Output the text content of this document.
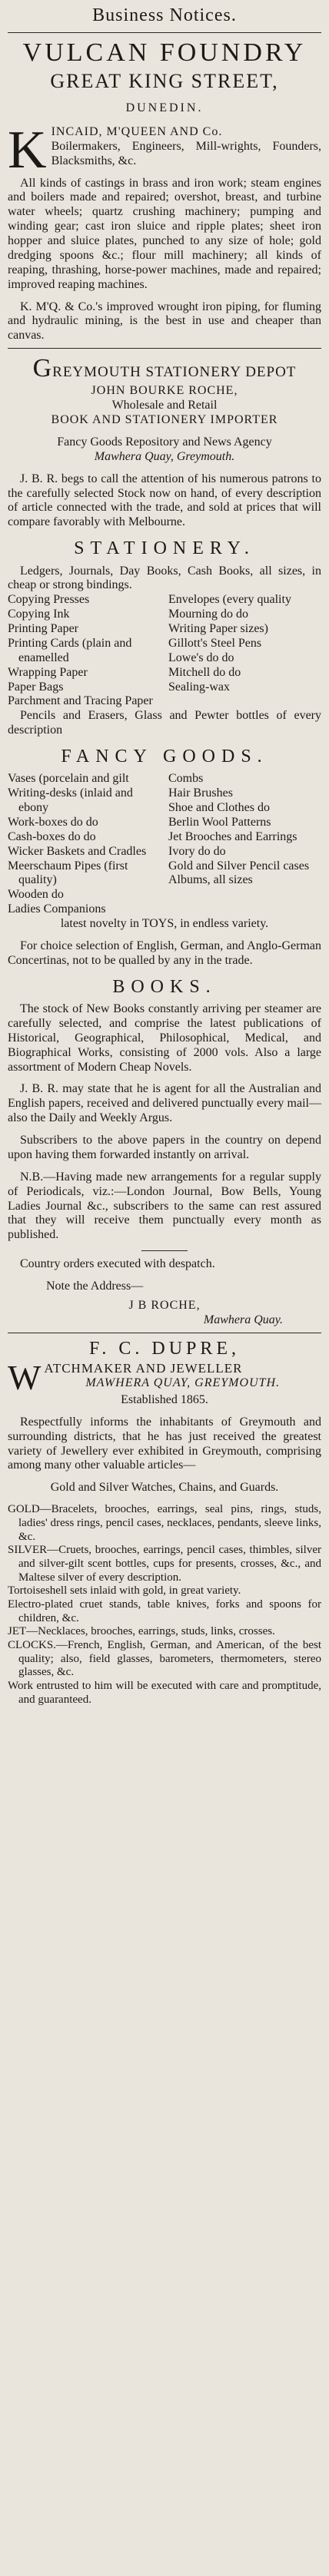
Business Notices.
VULCAN FOUNDRY
GREAT KING STREET,
DUNEDIN.
K INCAID, M'QUEEN AND Co.
Boilermakers, Engineers, Mill-wrights, Founders, Blacksmiths, &c.

All kinds of castings in brass and iron work; steam engines and boilers made and repaired; overshot, breast, and turbine water wheels; quartz crushing machinery; pumping and winding gear; cast iron sluice and ripple plates; sheet iron hopper and sluice plates, punched to any size of hole; gold dredging spoons &c.; flour mill machinery; all kinds of reaping, thrashing, horse-power machines, made and repaired; improved reaping machines.

K. M'Q. & Co.'s improved wrought iron piping, for fluming and hydraulic mining, is the best in use and cheaper than canvas.

GREYMOUTH STATIONERY DEPOT
JOHN BOURKE ROCHE,
Wholesale and Retail
BOOK AND STATIONERY IMPORTER
Fancy Goods Repository and News Agency
Mawhera Quay, Greymouth.

J. B. R. begs to call the attention of his numerous patrons to the carefully selected Stock now on hand, of every description of article connected with the trade, and sold at prices that will compare favorably with Melbourne.

STATIONERY.

Ledgers, Journals, Day Books, Cash Books, all sizes, in cheap or strong bindings.

Copying Presses
Copying Ink
Printing Paper
Printing Cards (plain and enamelled
Wrapping Paper
Paper Bags
Parchment and Tracing Paper
Envelopes (every quality
Mourning do do
Writing Paper sizes)
Gillott's Steel Pens
Lowe's do do
Mitchell do do
Sealing-wax

Pencils and Erasers, Glass and Pewter bottles of every description

FANCY GOODS.
Vases (porcelain and gilt
Writing-desks (inlaid and ebony
Work-boxes do do
Cash-boxes do do
Wicker Baskets and Cradles
Meerschaum Pipes (first quality)
Wooden do
Ladies Companions
Combs
Hair Brushes
Shoe and Clothes do
Berlin Wool Patterns
Jet Brooches and Earrings
Ivory do do
Gold and Silver Pencil cases
Albums, all sizes

latest novelty in TOYS, in endless variety.

For choice selection of English, German, and Anglo-German Concertinas, not to be qualled by any in the trade.

BOOKS.

The stock of New Books constantly arriving per steamer are carefully selected, and comprise the latest publications of Historical, Geographical, Philosophical, Medical, and Biographical Works, consisting of 2000 vols. Also a large assortment of Modern Cheap Novels.

J. B. R. may state that he is agent for all the Australian and English papers, received and delivered punctually every mail—also the Daily and Weekly Argus.

Subscribers to the above papers in the country on depend upon having them forwarded instantly on arrival.

N.B.—Having made new arrangements for a regular supply of Periodicals, viz.:—London Journal, Bow Bells, Young Ladies Journal &c., subscribers to the same can rest assured that they will receive them punctually every month as published.

Country orders executed with despatch.

Note the Address—

J B ROCHE,

Mawhera Quay.

F. C. DUPRE,
W ATCHMAKER AND JEWELLER
MAWHERA QUAY, GREYMOUTH.
Established 1865.

Respectfully informs the inhabitants of Greymouth and surrounding districts, that he has just received the greatest variety of Jewellery ever exhibited in Greymouth, comprising among many other valuable articles—

Gold and Silver Watches, Chains, and Guards.

GOLD—Bracelets, brooches, earrings, seal pins, rings, studs, ladies' dress rings, pencil cases, necklaces, pendants, sleeve links, &c.

SILVER—Cruets, brooches, earrings, pencil cases, thimbles, silver and silver-gilt scent bottles, cups for presents, crosses, &c., and Maltese silver of every description.

Tortoiseshell sets inlaid with gold, in great variety.

Electro-plated cruet stands, table knives, forks and spoons for children, &c.

JET—Necklaces, brooches, earrings, studs, links, crosses.

CLOCKS.—French, English, German, and American, of the best quality; also, field glasses, barometers, thermometers, stereo glasses, &c.

Work entrusted to him will be executed with care and promptitude, and guaranteed.
